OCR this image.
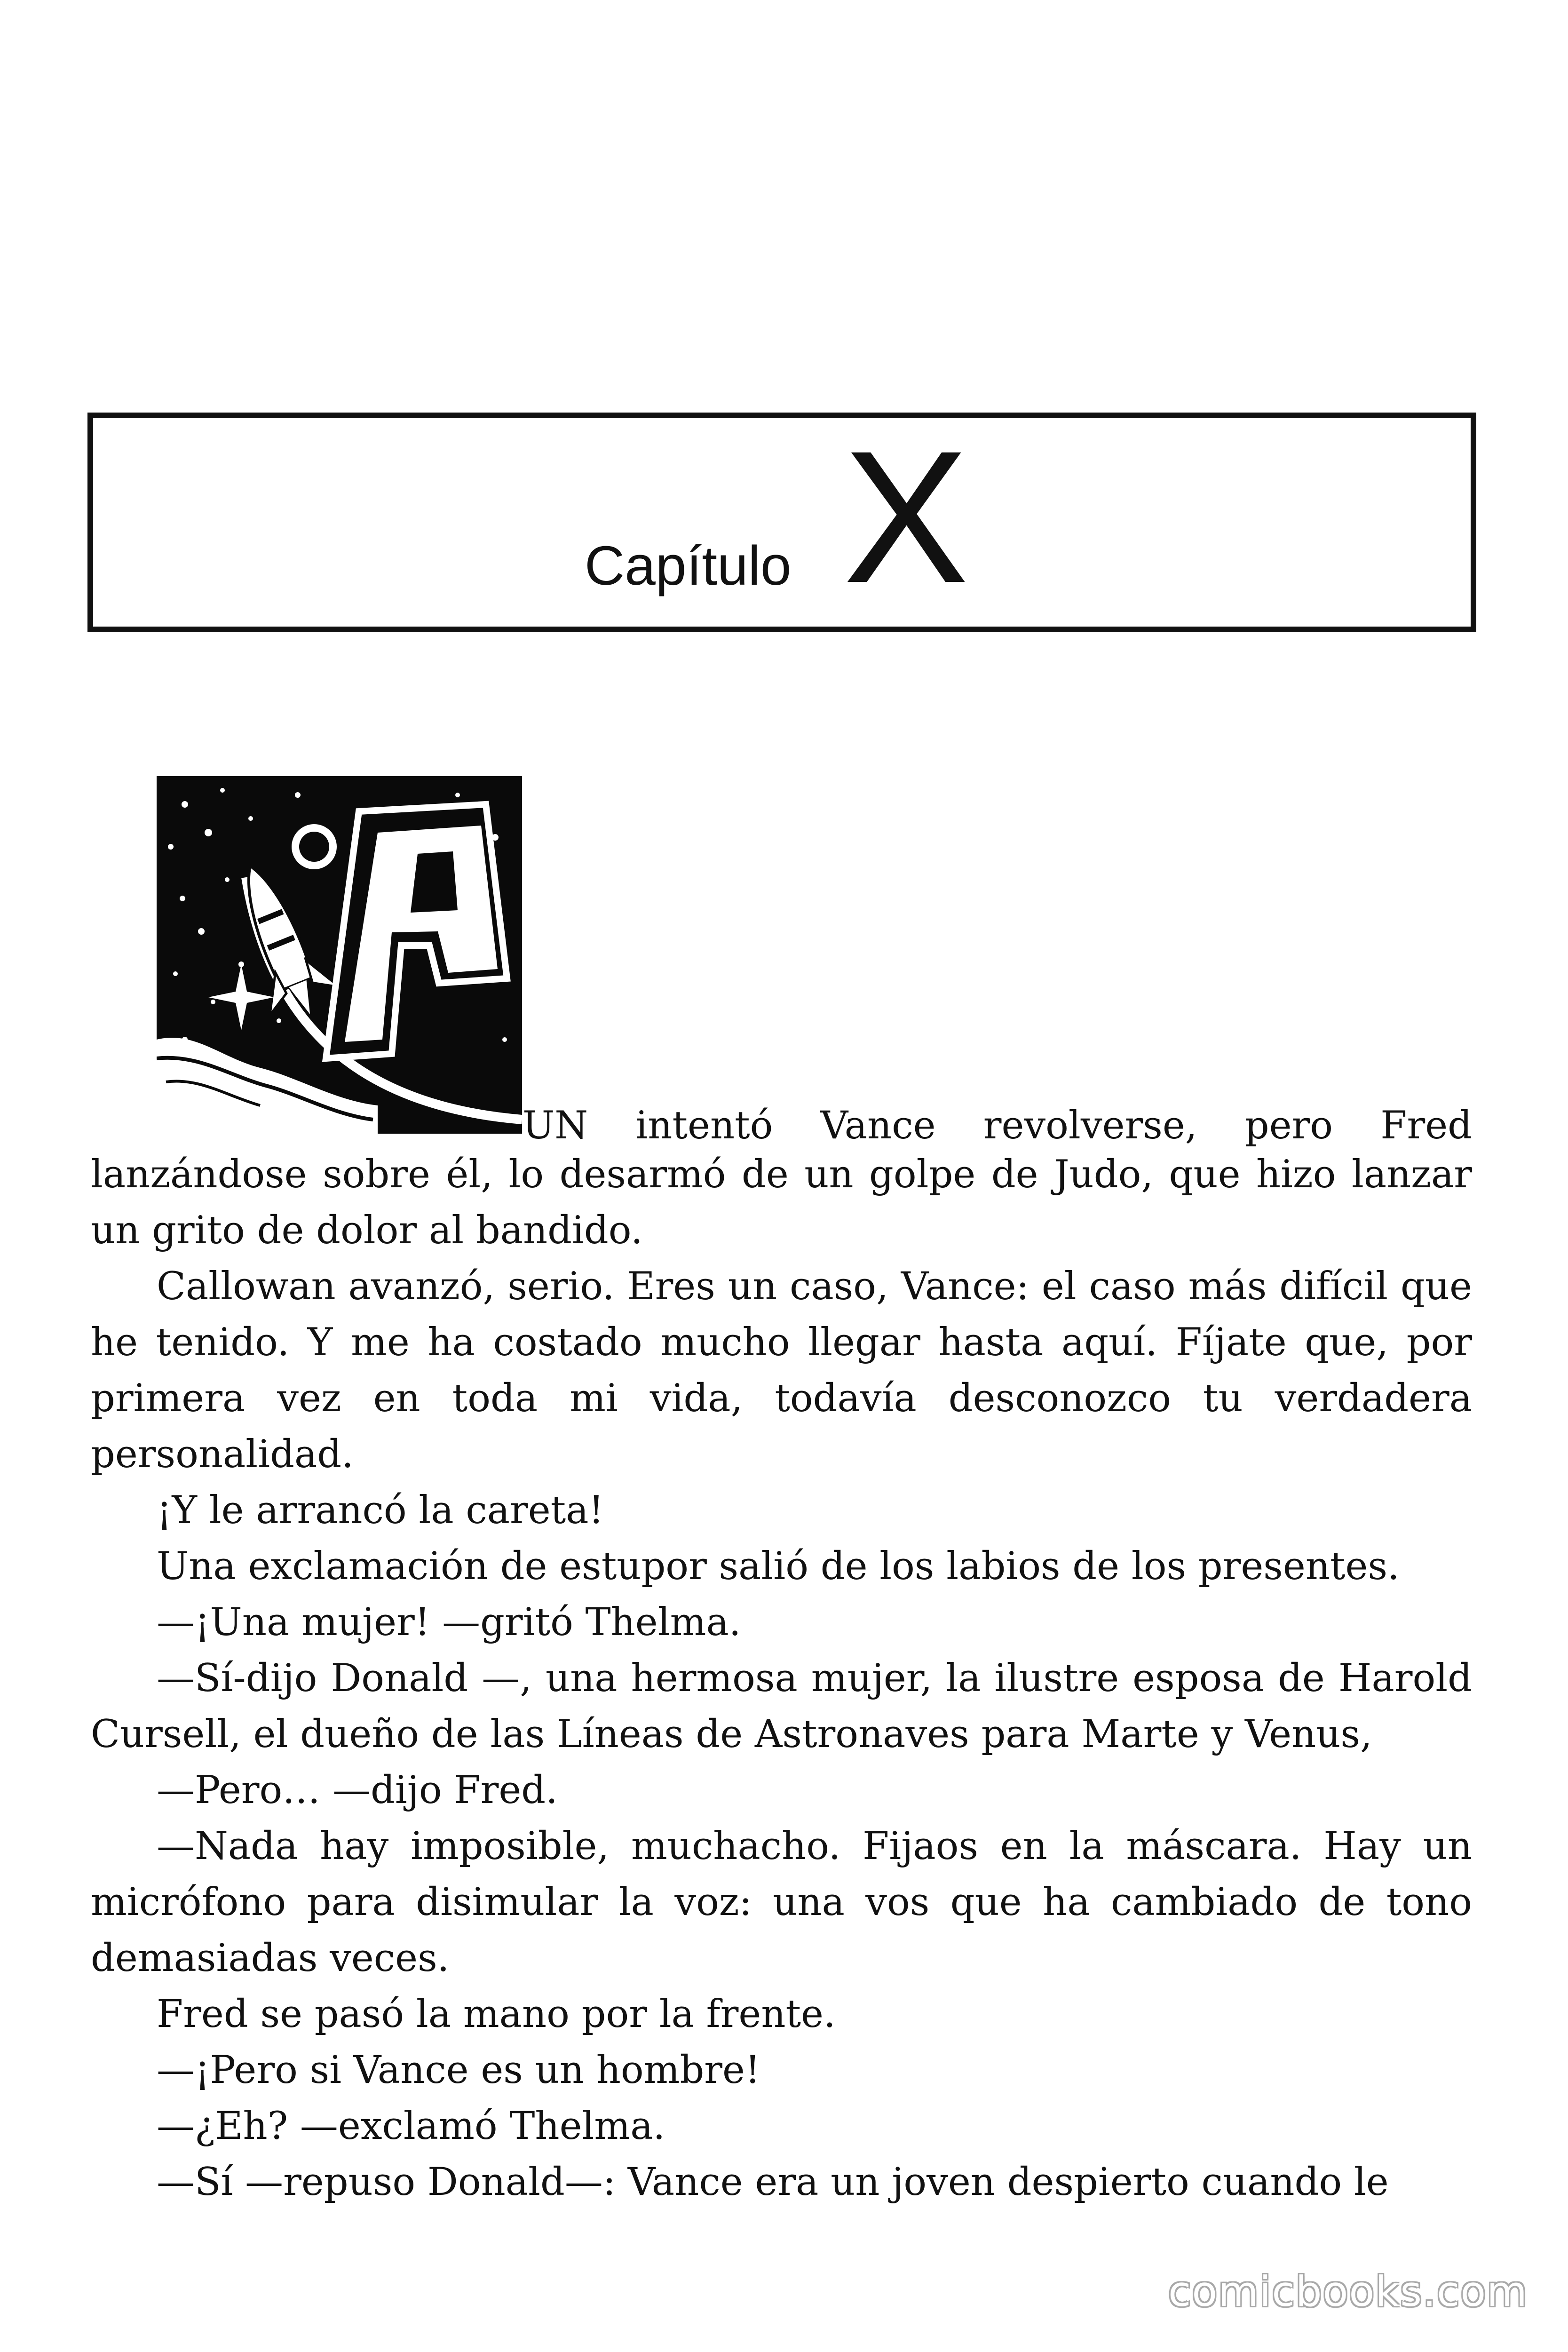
Capítulo X

UN intentó Vance revolverse, pero Fred
lanzándose sobre él, lo desarmó de un golpe de Judo, que hizo lanzar un grito de dolor al bandido.

Callowan avanzó, serio. Eres un caso, Vance: el caso más difícil que he tenido. Y me ha costado mucho llegar hasta aquí. Fíjate que, por primera vez en toda mi vida, todavía desconozco tu verdadera personalidad.

¡Y le arrancó la careta!

Una exclamación de estupor salió de los labios de los presentes.

—¡Una mujer! —gritó Thelma.

—Sí-dijo Donald —, una hermosa mujer, la ilustre esposa de Harold Cursell, el dueño de las Líneas de Astronaves para Marte y Venus,

—Pero… —dijo Fred.

—Nada hay imposible, muchacho. Fijaos en la máscara. Hay un micrófono para disimular la voz: una vos que ha cambiado de tono demasiadas veces.

Fred se pasó la mano por la frente.

—¡Pero si Vance es un hombre!

—¿Eh? —exclamó Thelma.

—Sí —repuso Donald—: Vance era un joven despierto cuando le

comicbooks.com
